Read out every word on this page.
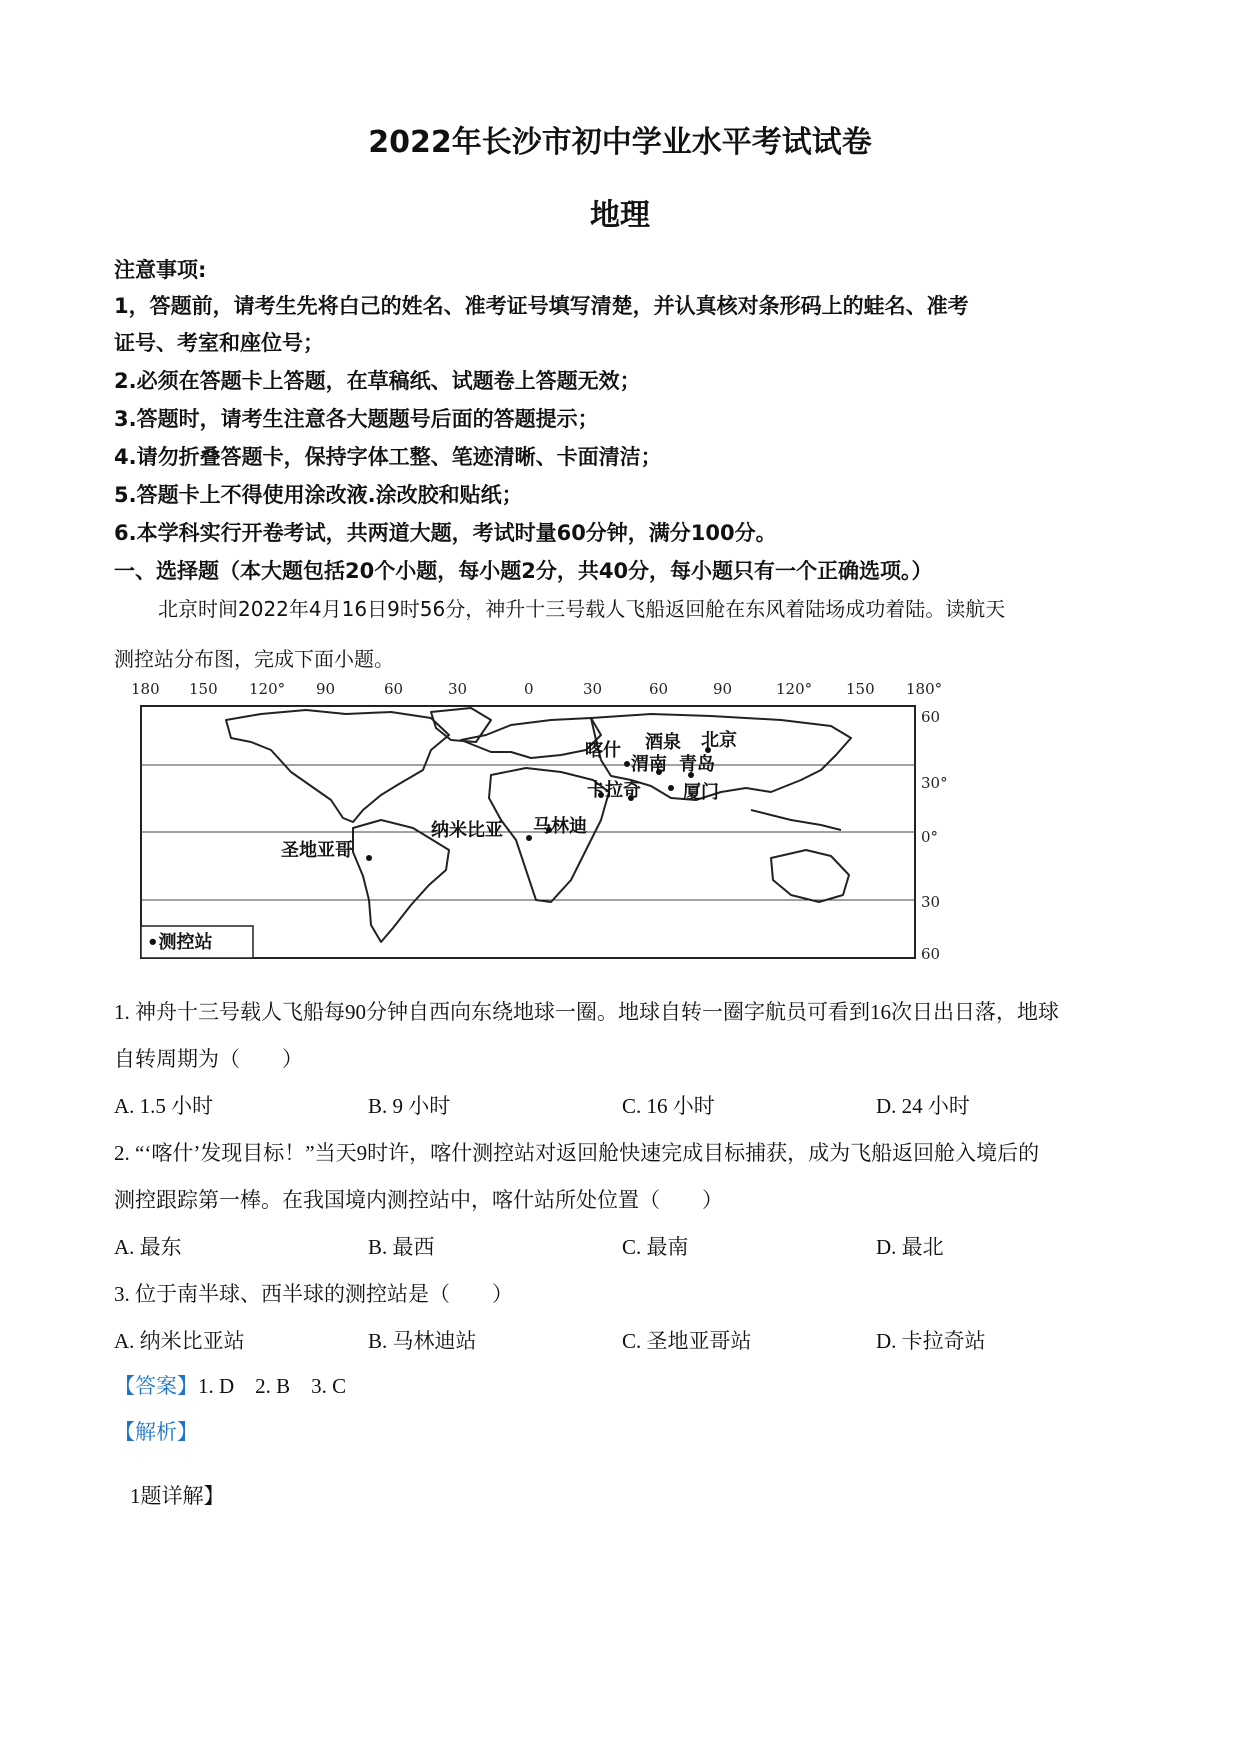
2022年长沙市初中学业水平考试试卷
地理
注意事项:
1，答题前，请考生先将白己的姓名、准考证号填写清楚，并认真核对条形码上的蛙名、准考
证号、考室和座位号；
2.必须在答题卡上答题，在草稿纸、试题卷上答题无效；
3.答题时，请考生注意各大题题号后面的答题提示；
4.请勿折叠答题卡，保持字体工整、笔迹清晰、卡面清洁；
5.答题卡上不得使用涂改液.涂改胶和贴纸；
6.本学科实行开卷考试，共两道大题，考试时量60分钟，满分100分。
一、选择题（本大题包括20个小题，每小题2分，共40分，每小题只有一个正确选项。）
北京时间2022年4月16日9时56分，神升十三号载人飞船返回舱在东风着陆场成功着陆。读航天
测控站分布图，完成下面小题。
180 150 120° 90	60	30	0	30	60	90	120° 150 180°
60
30°
0°
30
60
喀什 酒泉 北京
渭南 青岛
厦门
卡拉奇
纳米比亚 马林迪
圣地亚哥
•测控站
1. 神舟十三号载人飞船每90分钟自西向东绕地球一圈。地球自转一圈字航员可看到16次日出日落，地球
自转周期为（　　）
A. 1.5 小时	B. 9 小时	C. 16 小时	D. 24 小时
2. “‘喀什’发现目标！”当天9时许，喀什测控站对返回舱快速完成目标捕获，成为飞船返回舱入境后的
测控跟踪第一棒。在我国境内测控站中，喀什站所处位置（　　）
A. 最东	B. 最西	C. 最南	D. 最北
3. 位于南半球、西半球的测控站是（　　）
A. 纳米比亚站	B. 马林迪站	C. 圣地亚哥站	D. 卡拉奇站
【答案】1. D　2. B　3. C
【解析】
1题详解】
